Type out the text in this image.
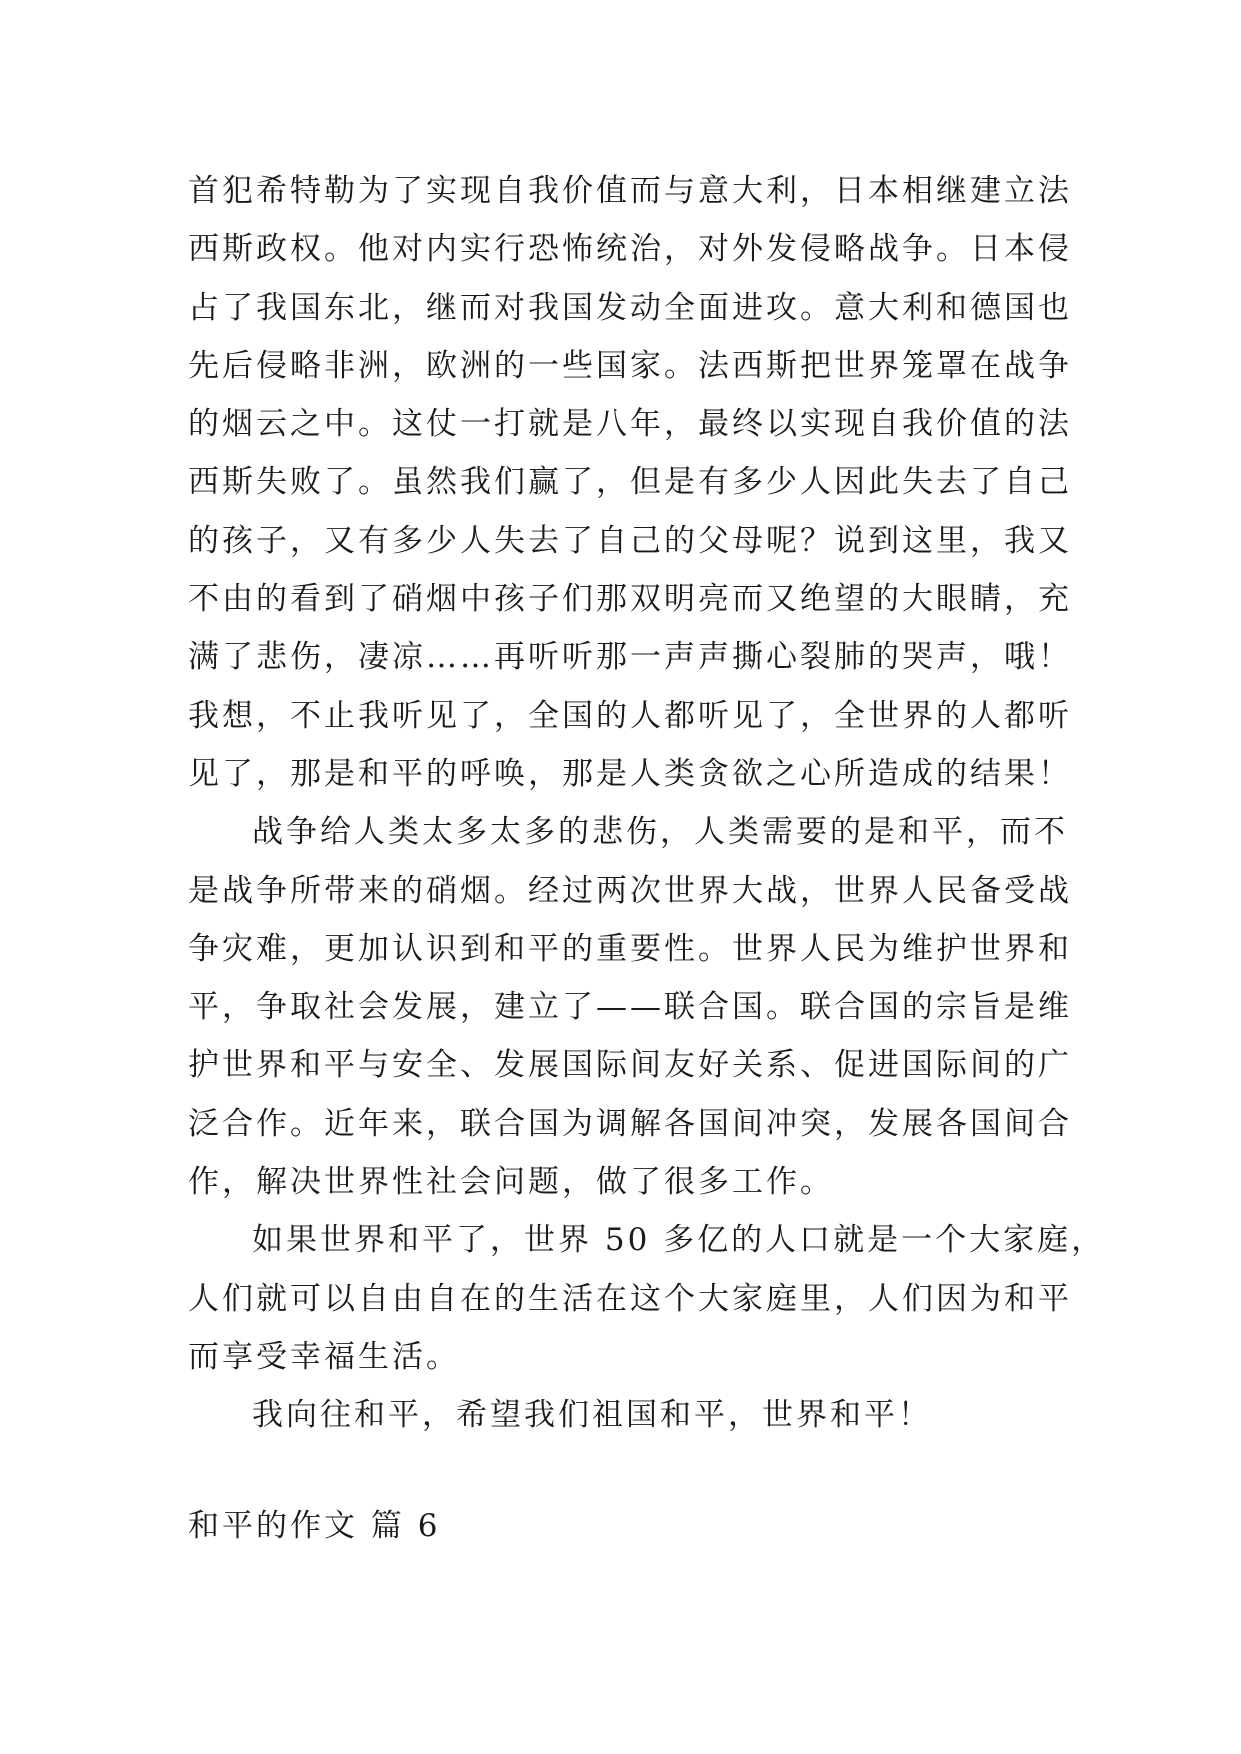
首犯希特勒为了实现自我价值而与意大利，日本相继建立法
西斯政权。他对内实行恐怖统治，对外发侵略战争。日本侵
占了我国东北，继而对我国发动全面进攻。意大利和德国也
先后侵略非洲，欧洲的一些国家。法西斯把世界笼罩在战争
的烟云之中。这仗一打就是八年，最终以实现自我价值的法
西斯失败了。虽然我们赢了，但是有多少人因此失去了自己
的孩子，又有多少人失去了自己的父母呢？说到这里，我又
不由的看到了硝烟中孩子们那双明亮而又绝望的大眼睛，充
满了悲伤，凄凉……再听听那一声声撕心裂肺的哭声，哦！
我想，不止我听见了，全国的人都听见了，全世界的人都听
见了，那是和平的呼唤，那是人类贪欲之心所造成的结果！
战争给人类太多太多的悲伤，人类需要的是和平，而不
是战争所带来的硝烟。经过两次世界大战，世界人民备受战
争灾难，更加认识到和平的重要性。世界人民为维护世界和
平，争取社会发展，建立了——联合国。联合国的宗旨是维
护世界和平与安全、发展国际间友好关系、促进国际间的广
泛合作。近年来，联合国为调解各国间冲突，发展各国间合
作，解决世界性社会问题，做了很多工作。
如果世界和平了，世界 50 多亿的人口就是一个大家庭，
人们就可以自由自在的生活在这个大家庭里，人们因为和平
而享受幸福生活。
我向往和平，希望我们祖国和平，世界和平！
和平的作文 篇 6
